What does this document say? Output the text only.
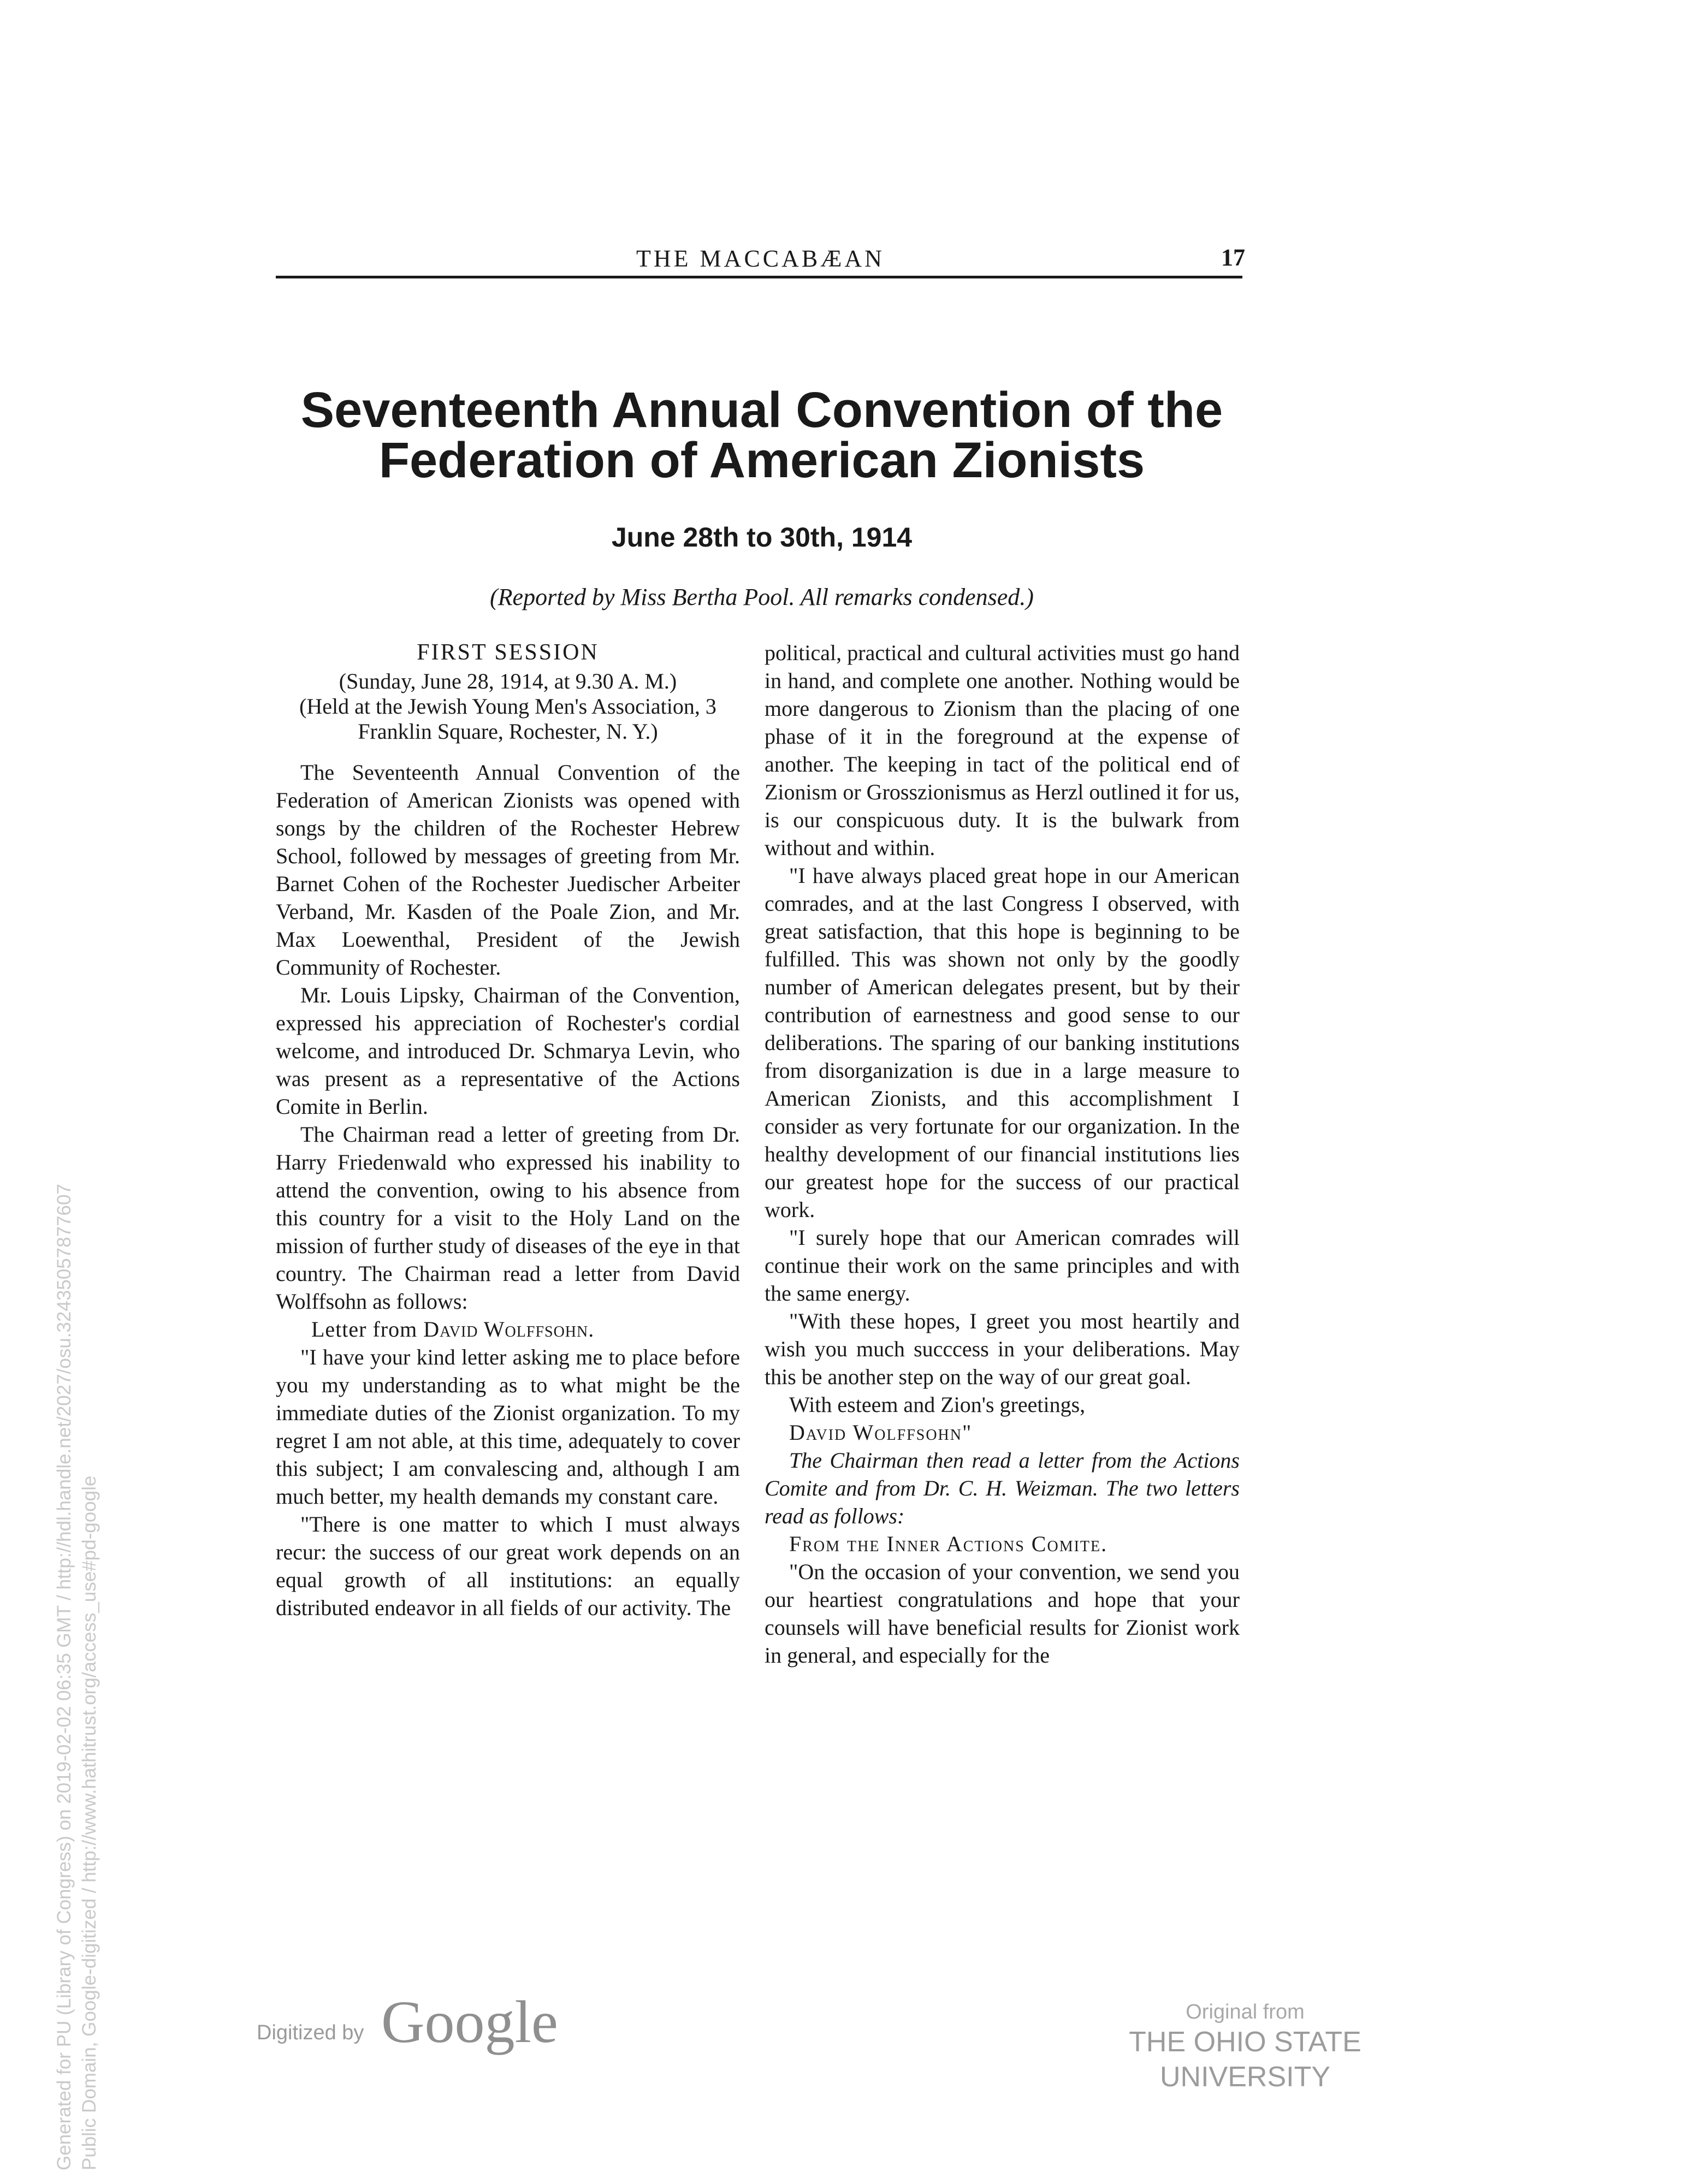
THE MACCABÆAN	17
Seventeenth Annual Convention of the
Federation of American Zionists
June 28th to 30th, 1914

(Reported by Miss Bertha Pool. All remarks condensed.)

FIRST SESSION
(Sunday, June 28, 1914, at 9.30 A. M.)
(Held at the Jewish Young Men's Association, 3 Franklin Square, Rochester, N. Y.)

The Seventeenth Annual Convention of the Federation of American Zionists was opened with songs by the children of the Rochester Hebrew School, followed by messages of greeting from Mr. Barnet Cohen of the Rochester Juedischer Arbeiter Verband, Mr. Kasden of the Poale Zion, and Mr. Max Loewenthal, President of the Jewish Community of Rochester.

Mr. Louis Lipsky, Chairman of the Convention, expressed his appreciation of Rochester's cordial welcome, and introduced Dr. Schmarya Levin, who was present as a representative of the Actions Comite in Berlin.

The Chairman read a letter of greeting from Dr. Harry Friedenwald who expressed his inability to attend the convention, owing to his absence from this country for a visit to the Holy Land on the mission of further study of diseases of the eye in that country. The Chairman read a letter from David Wolffsohn as follows:

Letter from David Wolffsohn.

"I have your kind letter asking me to place before you my understanding as to what might be the immediate duties of the Zionist organization. To my regret I am not able, at this time, adequately to cover this subject; I am convalescing and, although I am much better, my health demands my constant care.

"There is one matter to which I must always recur: the success of our great work depends on an equal growth of all institutions: an equally distributed endeavor in all fields of our activity. The

political, practical and cultural activities must go hand in hand, and complete one another. Nothing would be more dangerous to Zionism than the placing of one phase of it in the foreground at the expense of another. The keeping in tact of the political end of Zionism or Grosszionismus as Herzl outlined it for us, is our conspicuous duty. It is the bulwark from without and within.

"I have always placed great hope in our American comrades, and at the last Congress I observed, with great satisfaction, that this hope is beginning to be fulfilled. This was shown not only by the goodly number of American delegates present, but by their contribution of earnestness and good sense to our deliberations. The sparing of our banking institutions from disorganization is due in a large measure to American Zionists, and this accomplishment I consider as very fortunate for our organization. In the healthy development of our financial institutions lies our greatest hope for the success of our practical work.

"I surely hope that our American comrades will continue their work on the same principles and with the same energy.

"With these hopes, I greet you most heartily and wish you much succcess in your deliberations. May this be another step on the way of our great goal.

With esteem and Zion's greetings,

David Wolffsohn"

The Chairman then read a letter from the Actions Comite and from Dr. C. H. Weizman. The two letters read as follows:

From the Inner Actions Comite.

"On the occasion of your convention, we send you our heartiest congratulations and hope that your counsels will have beneficial results for Zionist work in general, and especially for the

Generated for PU (Library of Congress) on 2019-02-02 06:35 GMT / http://hdl.handle.net/2027/osu.32435057877607 Public Domain, Google-digitized / http://www.hathitrust.org/access_use#pd-google	Digitized by Google	Original from
THE OHIO STATE UNIVERSITY
